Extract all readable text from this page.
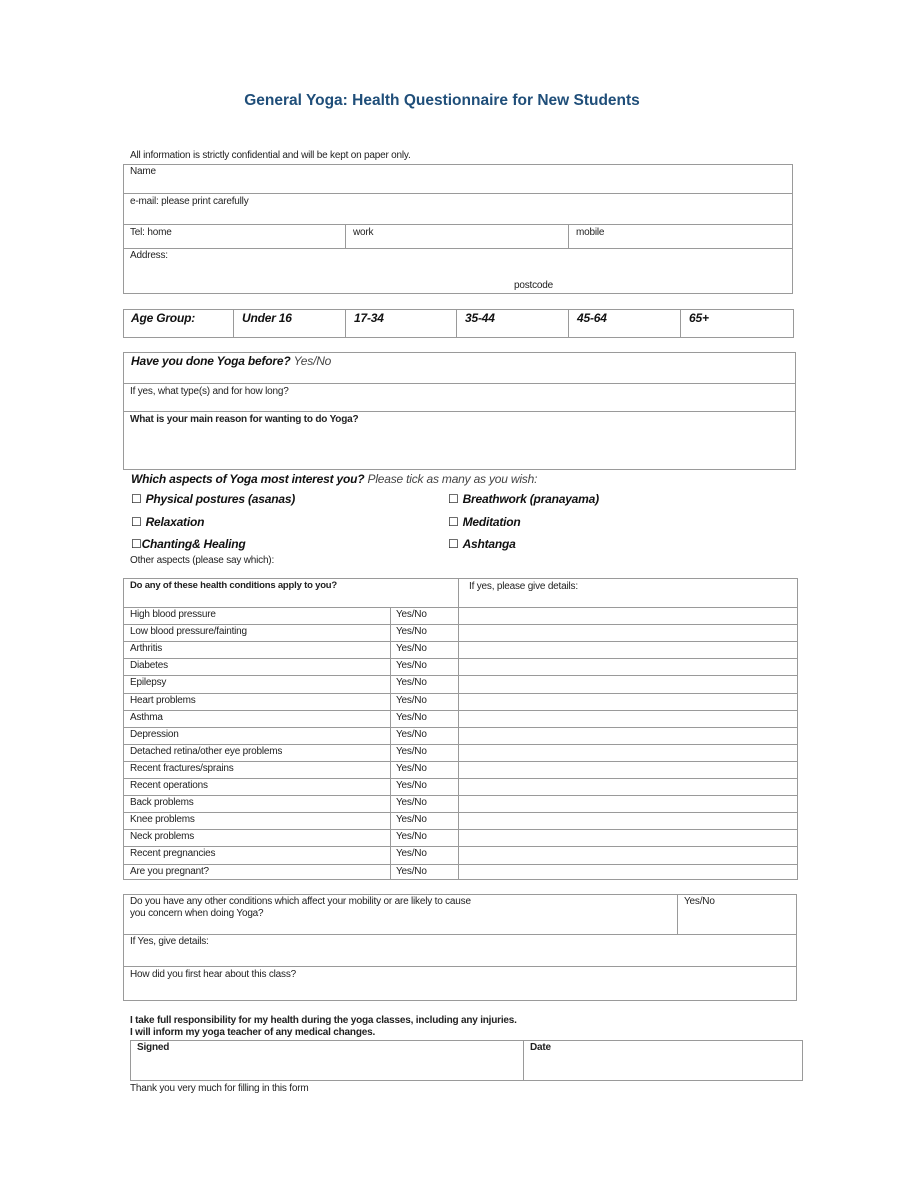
General Yoga: Health Questionnaire for New Students
All information is strictly confidential and will be kept on paper only.
Name
e-mail: please print carefully
Tel: home	work	mobile
Address:
postcode
Age Group:	Under 16	17-34	35-44	45-64	65+
Have you done Yoga before? Yes/No
If yes, what type(s) and for how long?
What is your main reason for wanting to do Yoga?
Which aspects of Yoga most interest you? Please tick as many as you wish:
☐ Physical postures (asanas)	☐ Breathwork (pranayama)
☐ Relaxation	☐ Meditation
☐Chanting& Healing	☐ Ashtanga
Other aspects (please say which):
Do any of these health conditions apply to you?	If yes, please give details:
High blood pressure	Yes/No
Low blood pressure/fainting	Yes/No
Arthritis	Yes/No
Diabetes	Yes/No
Epilepsy	Yes/No
Heart problems	Yes/No
Asthma	Yes/No
Depression	Yes/No
Detached retina/other eye problems	Yes/No
Recent fractures/sprains	Yes/No
Recent operations	Yes/No
Back problems	Yes/No
Knee problems	Yes/No
Neck problems	Yes/No
Recent pregnancies	Yes/No
Are you pregnant?	Yes/No
Do you have any other conditions which affect your mobility or are likely to cause
you concern when doing Yoga?
Yes/No
If Yes, give details:
How did you first hear about this class?
I take full responsibility for my health during the yoga classes, including any injuries.
I will inform my yoga teacher of any medical changes.
Signed	Date
Thank you very much for filling in this form
